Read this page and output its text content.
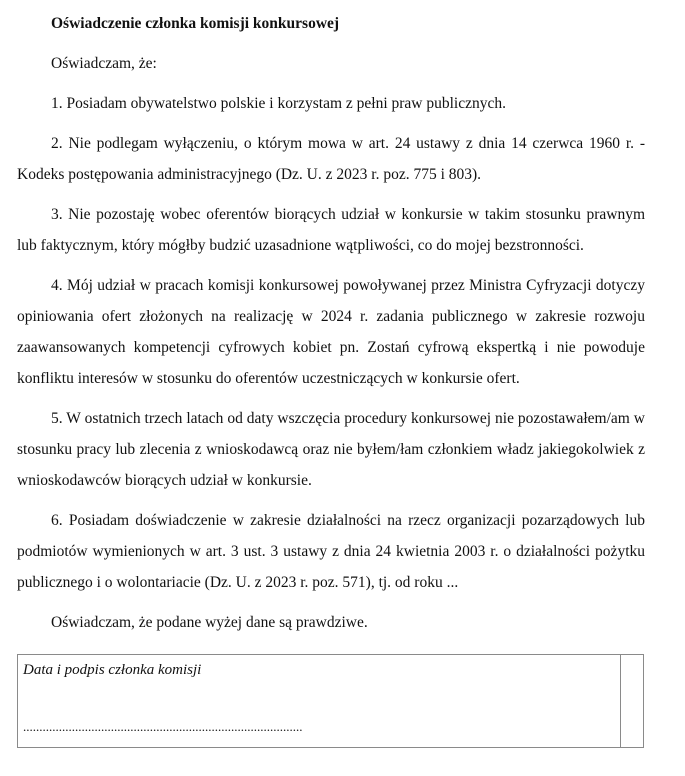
Oświadczenie członka komisji konkursowej

Oświadczam, że:

1. Posiadam obywatelstwo polskie i korzystam z pełni praw publicznych.

2. Nie podlegam wyłączeniu, o którym mowa w art. 24 ustawy z dnia 14 czerwca 1960 r. - Kodeks postępowania administracyjnego (Dz. U. z 2023 r. poz. 775 i 803).

3. Nie pozostaję wobec oferentów biorących udział w konkursie w takim stosunku prawnym lub faktycznym, który mógłby budzić uzasadnione wątpliwości, co do mojej bezstronności.

4. Mój udział w pracach komisji konkursowej powoływanej przez Ministra Cyfryzacji dotyczy opiniowania ofert złożonych na realizację w 2024 r. zadania publicznego w zakresie rozwoju zaawansowanych kompetencji cyfrowych kobiet pn. Zostań cyfrową ekspertką i nie powoduje konfliktu interesów w stosunku do oferentów uczestniczących w konkursie ofert.

5. W ostatnich trzech latach od daty wszczęcia procedury konkursowej nie pozostawałem/am w stosunku pracy lub zlecenia z wnioskodawcą oraz nie byłem/łam członkiem władz jakiegokolwiek z wnioskodawców biorących udział w konkursie.

6. Posiadam doświadczenie w zakresie działalności na rzecz organizacji pozarządowych lub podmiotów wymienionych w art. 3 ust. 3 ustawy z dnia 24 kwietnia 2003 r. o działalności pożytku publicznego i o wolontariacie (Dz. U. z 2023 r. poz. 571), tj. od roku ...

Oświadczam, że podane wyżej dane są prawdziwe.

Data i podpis członka komisji
......................................................................................
